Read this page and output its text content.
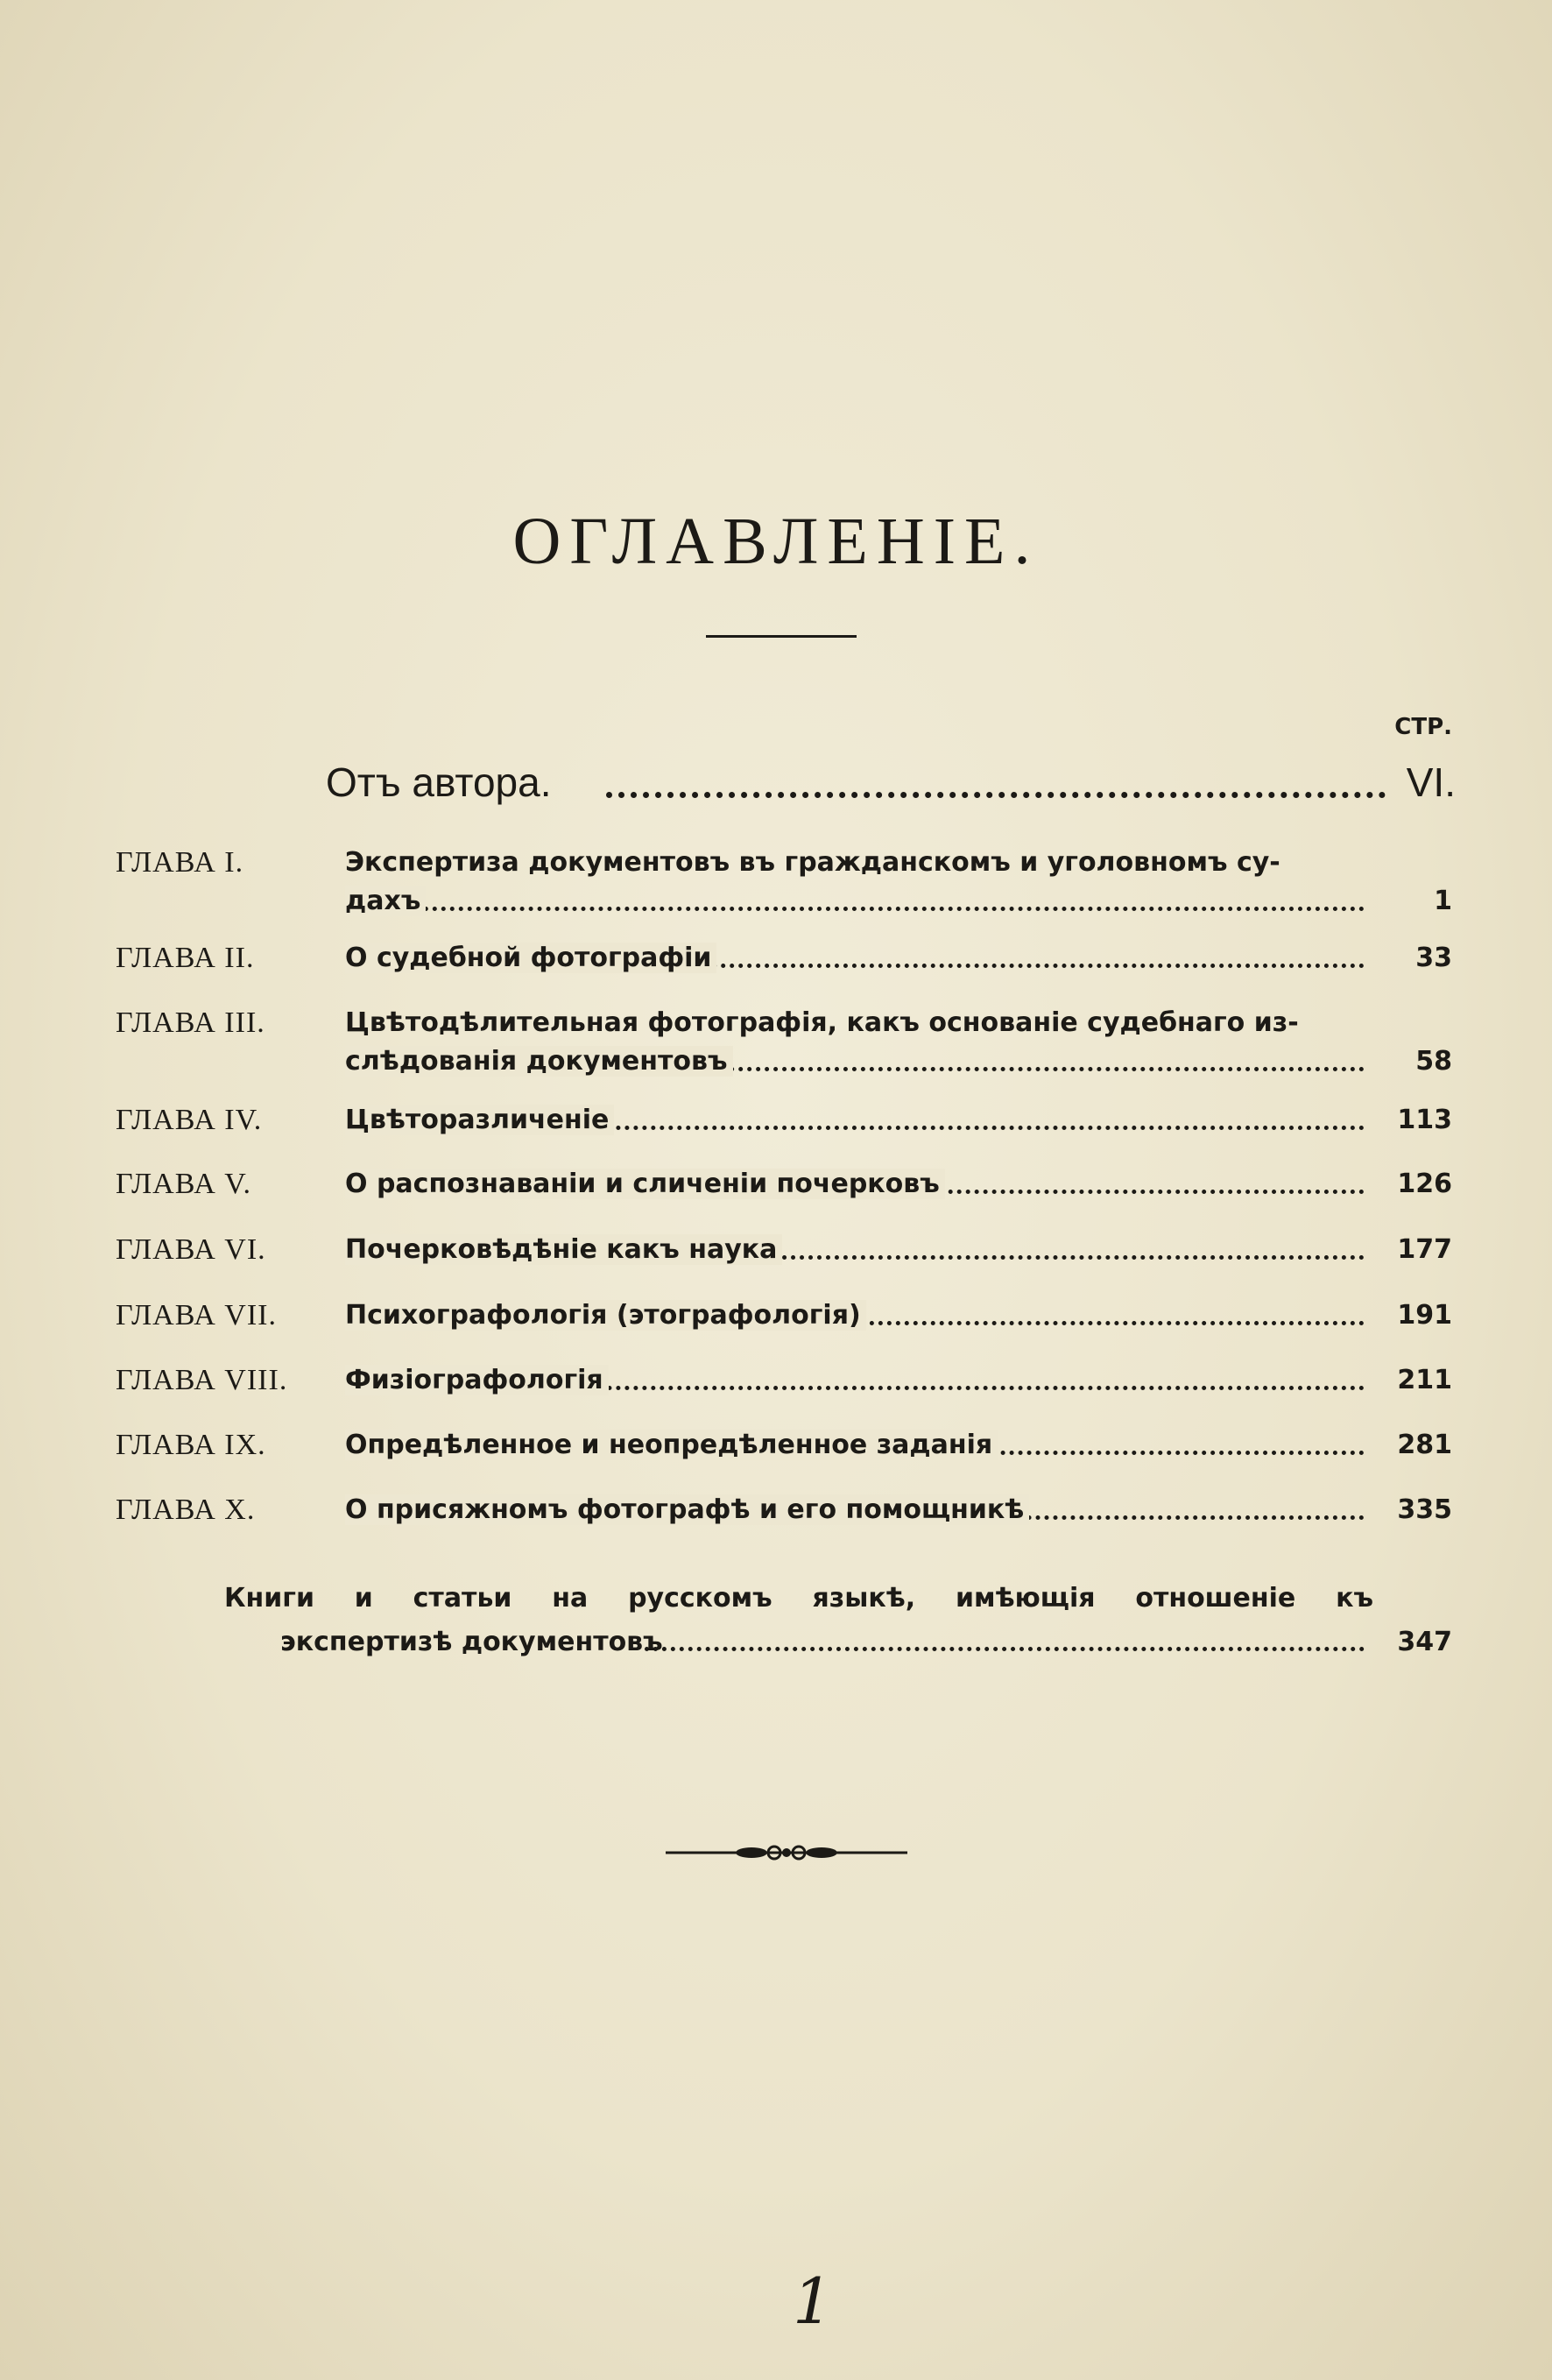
ОГЛАВЛЕНIЕ.
СТР.
Отъ автора.	VI.
ГЛАВА I.	Экспертиза документовъ въ гражданскомъ и уголовномъ су-
дахъ	1
ГЛАВА II.	О судебной фотографiи	33
ГЛАВА III.	Цвѣтодѣлительная фотографiя, какъ основанiе судебнаго из-
слѣдованiя документовъ	58
ГЛАВА IV.	Цвѣторазличенiе	113
ГЛАВА V.	О распознаванiи и сличенiи почерковъ	126
ГЛАВА VI.	Почерковѣдѣнiе какъ наука	177
ГЛАВА VII.	Психографологiя (этографологiя)	191
ГЛАВА VIII. Физiографологiя	211
ГЛАВА IX.	Опредѣленное и неопредѣленное заданiя	281
ГЛАВА X.	О присяжномъ фотографѣ и его помощникѣ	335
Книги и статьи на русскомъ языкѣ, имѣющiя отношенiе къ
экспертизѣ документовъ	347
1
